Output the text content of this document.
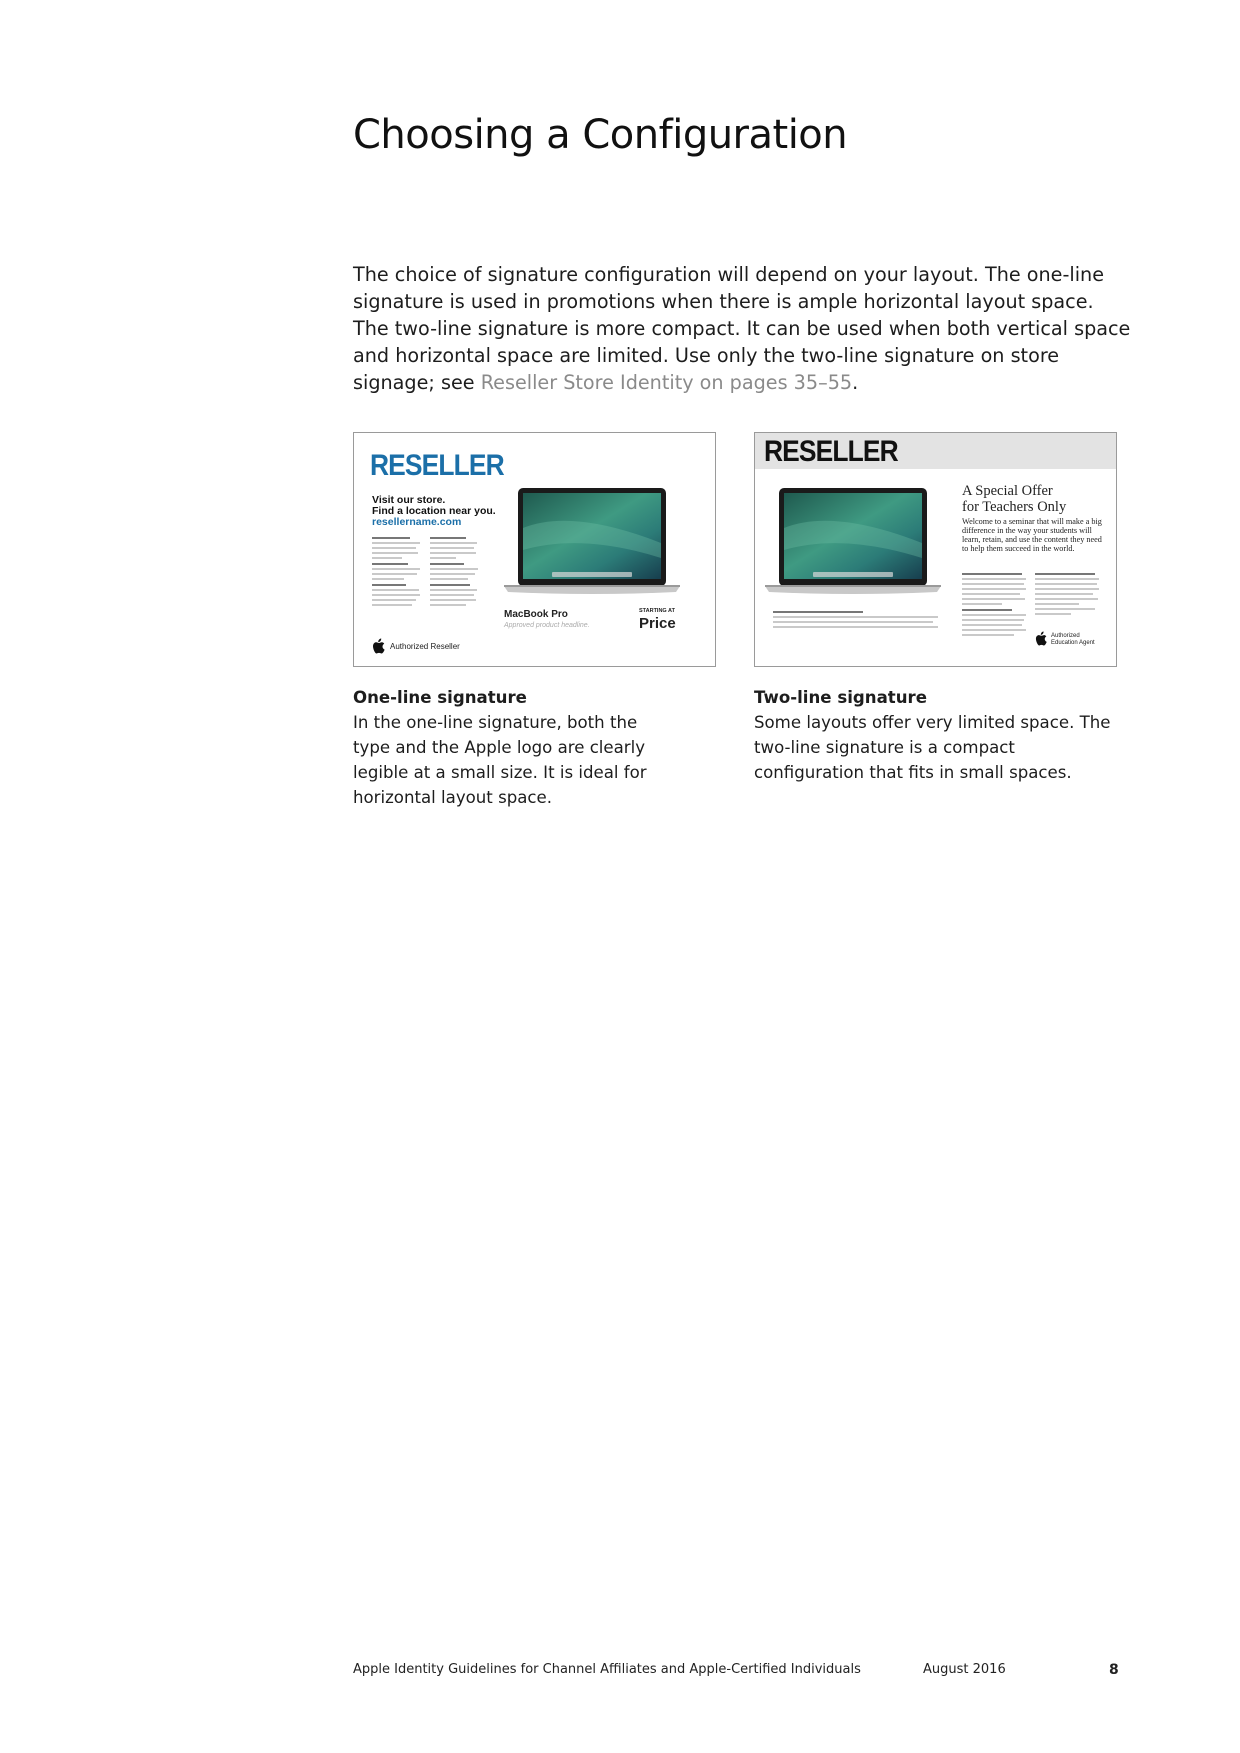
Choosing a Configuration

The choice of signature configuration will depend on your layout. The one-line signature is used in promotions when there is ample horizontal layout space. The two-line signature is more compact. It can be used when both vertical space and horizontal space are limited. Use only the two-line signature on store signage; see Reseller Store Identity on pages 35–55.

RESELLER
Visit our store.
Find a location near you.
resellername.com
MacBook Pro
Approved product headline.
STARTING AT
Price
Authorized Reseller
RESELLER
A Special Offer
for Teachers Only
Welcome to a seminar that will make a big difference in the way your students will learn, retain, and use the content they need to help them succeed in the world.
Authorized
Education Agent
One-line signature
In the one-line signature, both the type and the Apple logo are clearly legible at a small size. It is ideal for horizontal layout space.
Two-line signature
Some layouts offer very limited space. The two-line signature is a compact configuration that fits in small spaces.
Apple Identity Guidelines for Channel Affiliates and Apple-Certified Individuals	August 2016	8
